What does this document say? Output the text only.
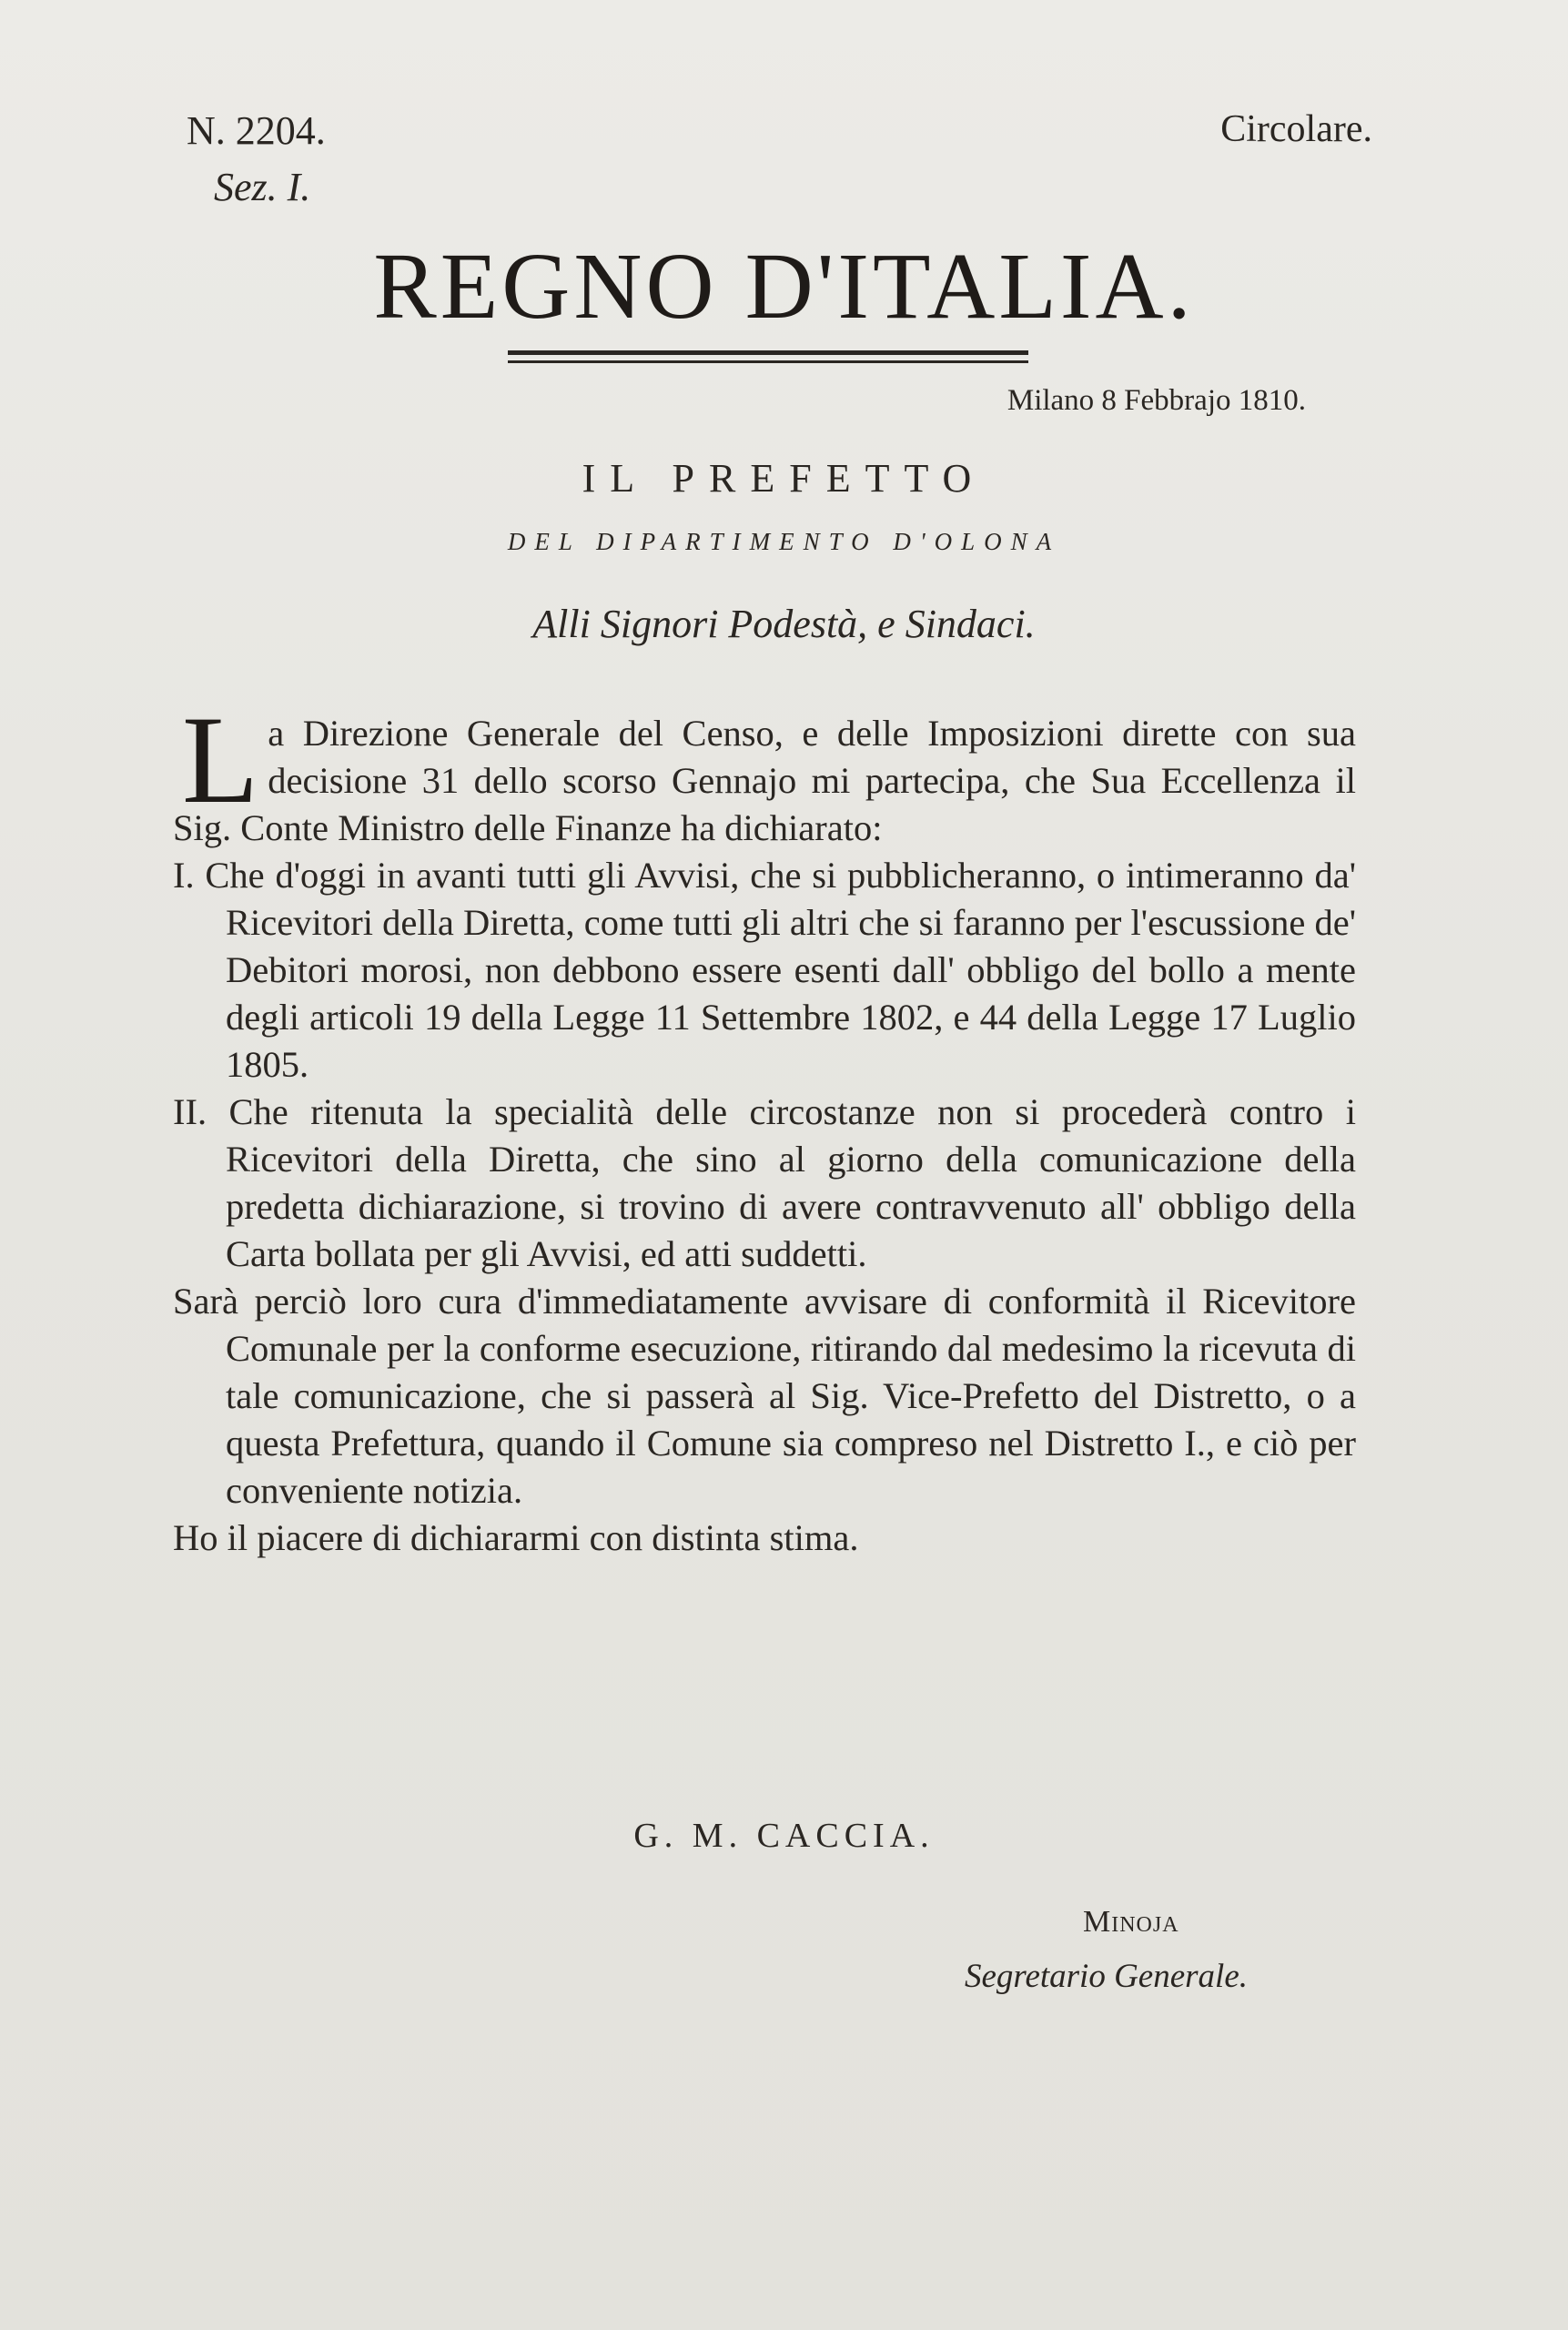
N. 2204.
Sez. I.
Circolare.
REGNO D'ITALIA.
Milano 8 Febbrajo 1810.
IL PREFETTO
DEL DIPARTIMENTO D'OLONA
Alli Signori Podestà, e Sindaci.

L a Direzione Generale del Censo, e delle Imposizioni dirette con sua decisione 31 dello scorso Gennajo mi partecipa, che Sua Eccellenza il Sig. Conte Ministro delle Finanze ha dichiarato:

I. Che d'oggi in avanti tutti gli Avvisi, che si pubblicheranno, o intimeranno da' Ricevitori della Diretta, come tutti gli altri che si faranno per l'escussione de' Debitori morosi, non debbono essere esenti dall' obbligo del bollo a mente degli articoli 19 della Legge 11 Settembre 1802, e 44 della Legge 17 Luglio 1805.

II. Che ritenuta la specialità delle circostanze non si procederà contro i Ricevitori della Diretta, che sino al giorno della comunicazione della predetta dichiarazione, si trovino di avere contravvenuto all' obbligo della Carta bollata per gli Avvisi, ed atti suddetti.

Sarà perciò loro cura d'immediatamente avvisare di conformità il Ricevitore Comunale per la conforme esecuzione, ritirando dal medesimo la ricevuta di tale comunicazione, che si passerà al Sig. Vice-Prefetto del Distretto, o a questa Prefettura, quando il Comune sia compreso nel Distretto I., e ciò per conveniente notizia.

Ho il piacere di dichiararmi con distinta stima.

G. M. CACCIA.
Minoja
Segretario Generale.
